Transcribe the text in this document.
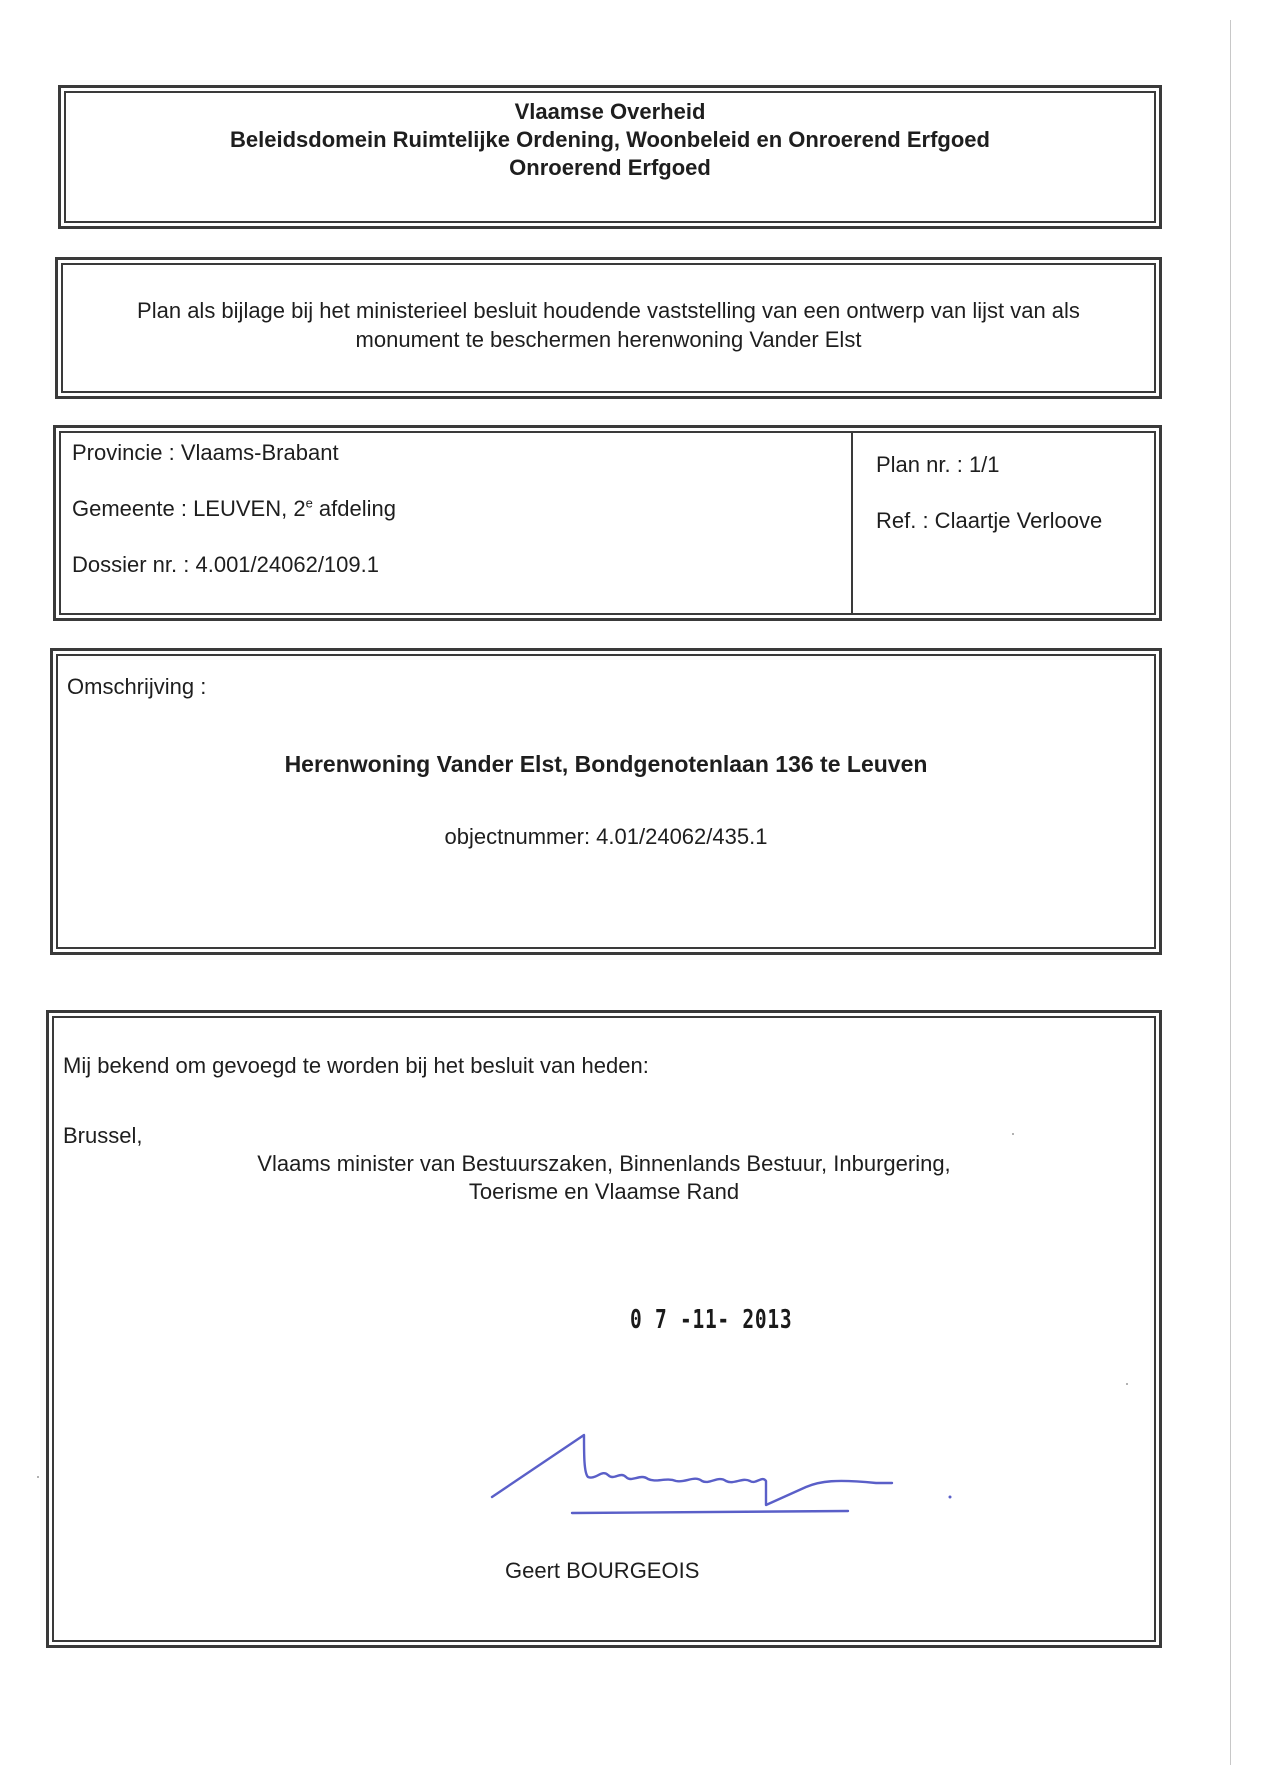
Vlaamse Overheid
Beleidsdomein Ruimtelijke Ordening, Woonbeleid en Onroerend Erfgoed
Onroerend Erfgoed
Plan als bijlage bij het ministerieel besluit houdende vaststelling van een ontwerp van lijst van als
monument te beschermen herenwoning Vander Elst
Provincie : Vlaams-Brabant
Gemeente : LEUVEN, 2e afdeling
Dossier nr. : 4.001/24062/109.1
Plan nr. : 1/1
Ref. : Claartje Verloove
Omschrijving :
Herenwoning Vander Elst, Bondgenotenlaan 136 te Leuven
objectnummer: 4.01/24062/435.1
Mij bekend om gevoegd te worden bij het besluit van heden:
Brussel,
Vlaams minister van Bestuurszaken, Binnenlands Bestuur, Inburgering,
Toerisme en Vlaamse Rand
Geert BOURGEOIS
0 7 -11- 2013
